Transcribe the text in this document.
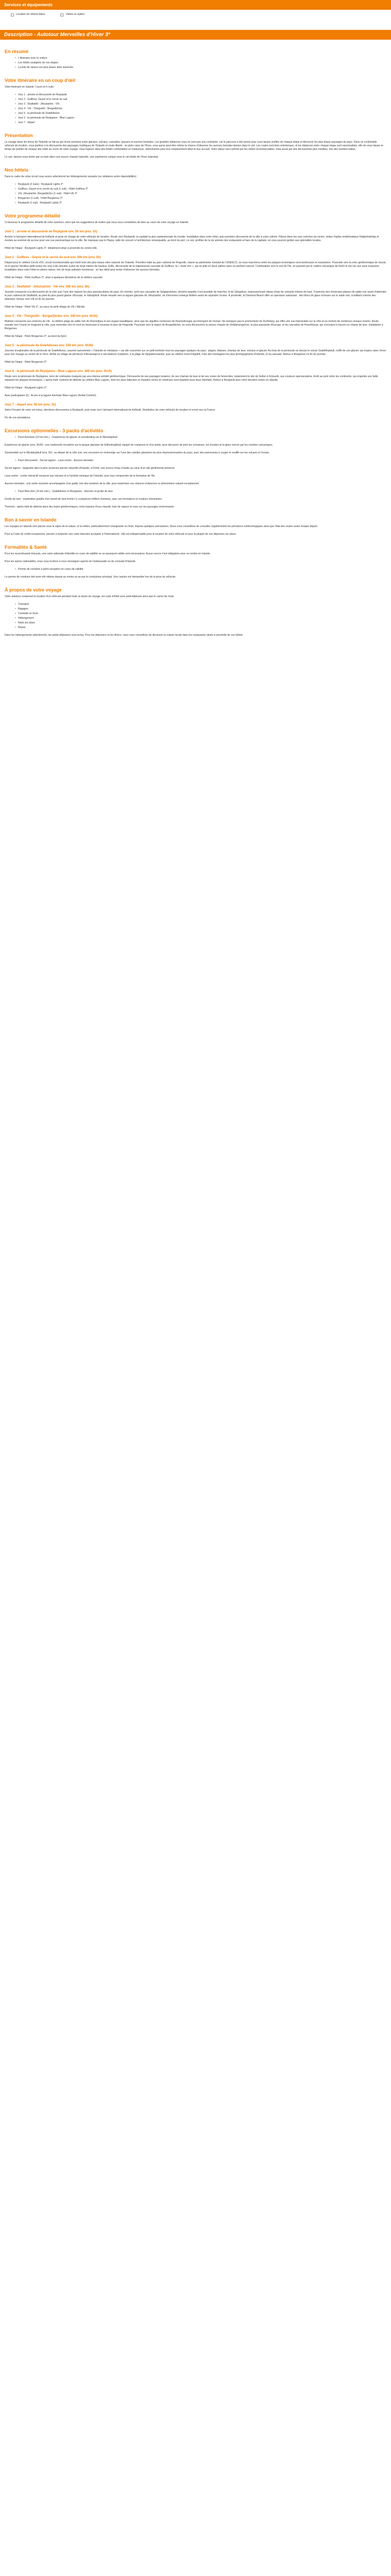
Services et équipements
Location de vélos/e-bikes	Visites en option
Description - Autotour Merveilles d'Hiver 3*
En résumé
• L'itinéraire avec le voiture
• Les hôtels soulignés de vos étapes
• La liste de saison vos plus beaux sites traversés
Votre itinéraire en un coup d'œil

Votre itinéraire en Islande 7 jours et 6 nuits :

• Jour 1 : arrivée et découverte de Reykjavik
• Jour 2 : Gullfoss, Geysir et le cercle du sud
• Jour 3 : Skaftafell - Jökulsárlón - Vík
• Jour 4 : Vík - Thingvellir - Borgarfjörður
• Jour 5 : la péninsule de Snæfellsnes
• Jour 6 : la péninsule de Reykjanes - Blue Lagoon
• Jour 7 : départ
Présentation

Le voyage dans les terres de l'Islande se fait au gré d'une aventure entre glaciers, volcans, cascades, geysers et aurores boréales. Les grandes distances vous ne sont pas une contrainte, car le parcours a été pensé pour vous laisser profiter de chaque étape et découvrir les plus beaux paysages du pays. Dans un confortable véhicule de location, vous partirez à la découverte des paysages mythiques de l'Islande en toute liberté : en plein cœur de l'hiver, vous aurez peut-être même la chance d'observer les aurores boréales danser dans le ciel. Les routes sont bien entretenues, et les distances entre chaque étape sont raisonnables, afin de vous laisser le temps de profiter de chaque site visité au cours de votre voyage. Vous logerez dans des hôtels confortables et chaleureux, sélectionnés pour leur emplacement idéal et leur accueil. Votre séjour sera rythmé par les visites incontournables, mais aussi par des découvertes plus insolites, loin des sentiers battus.

Le soir, laissez-vous tenter par un bain dans une source chaude naturelle, une expérience unique sous le ciel étoilé de l'hiver islandais.

Nos hôtels

Dans le cadre de votre circuit nous avons sélectionné les hébergements suivants (ou similaires selon disponibilités) :

• Reykjavik (2 nuits) : Reykjavik Lights 3*
• Gullfoss, Geysir et le cercle du sud (1 nuit) : Hótel Gullfoss 3*
• Vík, Jökulsárlón, Borgarfjörður (1 nuit) : Hótel Vík 3*
• Borgarnes (1 nuit) : Hótel Borgarnes 3*
• Reykjavik (1 nuit) : Reykjavik Lights 3*
Votre programme détaillé

Ci-dessous le programme détaillé de votre aventure, ainsi que les suggestions de visites que nous vous conseillons de faire au cours de votre voyage en Islande.

Jour 1 : arrivée et découverte de Reykjavik env. 50 km (env. 1h)

Arrivée à l'aéroport international de Keflavik et prise en charge de votre véhicule de location. Route vers Reykjavik, la capitale la plus septentrionale du monde. Installation dans votre hôtel, puis première découverte de la ville à votre rythme. Flânez dans les rues colorées du centre, visitez l'église emblématique Hallgrímskirkja et montez au sommet de sa tour pour une vue panoramique sur la ville. Ne manquez pas le Harpa, salle de concert à l'architecture remarquable, au bord du port. Le soir, profitez de la vie animée des restaurants et bars de la capitale, où vous pourrez goûter aux spécialités locales.

Hôtel de l'étape : Reykjavik Lights 3*, idéalement situé à proximité du centre-ville.

Jour 2 : Gullfoss - Geysir et le cercle du sud env. 300 km (env. 5h)

Départ pour le célèbre Cercle d'Or, circuit incontournable qui réunit trois des plus beaux sites naturels de l'Islande. Première halte au parc national de Þingvellir, classé au patrimoine mondial de l'UNESCO, où vous marcherez entre les plaques tectoniques nord-américaine et eurasienne. Poursuite vers la zone géothermique de Geysir, où le geyser Strokkur jaillit toutes les cinq à dix minutes à plus de vingt mètres de hauteur. Enfin, découverte de la majestueuse cascade de Gullfoss, la « chute d'or », qui se jette en deux paliers dans un profond canyon. Continuation vers le sud de l'île, en passant par le cratère volcanique de Kerið et son lac aux eaux turquoise. Installation dans votre hôtel en pleine nature, loin de toute pollution lumineuse : un lieu idéal pour tenter d'observer les aurores boréales.

Hôtel de l'étape : Hótel Gullfoss 3*, situé à quelques kilomètres de la célèbre cascade.

Jour 3 : Skaftafell - Jökulsárlón - Vík env. 395 km (env. 6h)

Journée consacrée à la découverte de la côte sud, l'une des régions les plus spectaculaires du pays. En chemin, arrêt aux cascades de Seljalandsfoss, derrière laquelle il est possible de marcher, et de Skógafoss, impressionnant rideau d'eau de soixante mètres de haut. Traversée des immenses plaines de sable noir avant d'atteindre le parc national de Skaftafell, au pied du plus grand glacier d'Europe, le Vatnajökull. Route ensuite vers la lagune glaciaire de Jökulsárlón, où d'énormes icebergs flottent avant de rejoindre l'océan. À proximité, la Diamond Beach offre un spectacle saisissant : des blocs de glace échoués sur le sable noir, scintillant comme des diamants. Retour vers Vík en fin de journée.

Hôtel de l'étape : Hótel Vík 3*, au cœur du petit village de Vík í Mýrdal.

Jour 4 : Vík - Thingvellir - Borgarfjörður env. 340 km (env. 5h30)

Matinée consacrée aux environs de Vík : la célèbre plage de sable noir de Reynisfjara et ses orgues basaltiques, ainsi que les aiguilles rocheuses de Reynisdrangar qui émergent de l'océan. Ne manquez pas le promontoire de Dyrhólaey, qui offre une vue imprenable sur la côte et où nichent de nombreux oiseaux marins. Route ensuite vers l'ouest en longeant la côte, puis remontée vers le nord en traversant à nouveau le parc de Þingvellir. Poursuite vers la région de Borgarfjörður, où vous découvrirez la source chaude de Deildartunguhver, la plus puissante d'Europe, et les cascades de Hraunfossar, qui s'écoulent à travers un champ de lave. Installation à Borgarnes.

Hôtel de l'étape : Hótel Borgarnes 3*, au bord du fjord.

Jour 5 : la péninsule de Snæfellsnes env. 330 km (env. 5h30)

Journée d'exploration de la péninsule de Snæfellsnes, souvent surnommée « l'Islande en miniature » car elle concentre sur un petit territoire tous les paysages typiques du pays : plages, falaises, champs de lave, volcans et glacier. Au bout de la péninsule se dresse le volcan Snæfellsjökull, coiffé de son glacier, qui inspira Jules Verne pour son Voyage au centre de la Terre. Arrêts au village de pêcheurs d'Arnarstapi et à ses falaises sculptées, à la plage de Djúpalónssandur, puis au célèbre mont Kirkjufell, l'une des montagnes les plus photographiées d'Islande, et sa cascade. Retour à Borgarnes en fin de journée.

Hôtel de l'étape : Hótel Borgarnes 3*.

Jour 6 : la péninsule de Reykjanes - Blue Lagoon env. 189 km (env. 3h15)

Route vers la péninsule de Reykjanes, terre de contrastes marquée par une intense activité géothermique. Découverte de ses paysages lunaires, de ses champs de lave et de ses zones de fumerolles, notamment le site de Seltún à Krýsuvík, aux couleurs spectaculaires. Arrêt au pont entre les continents, qui enjambe une faille séparant les plaques tectoniques. L'après-midi, moment de détente au célèbre Blue Lagoon, dont les eaux laiteuses et chaudes riches en minéraux sont réputées pour leurs bienfaits. Retour à Reykjavik pour votre dernière soirée en Islande.

Hôtel de l'étape : Reykjavik Lights 3*.

Avec participation (€) : Accès à la lagune thermale Blue Lagoon (forfait Comfort).

Jour 7 : départ env. 50 km (env. 1h)

Selon l'horaire de votre vol retour, dernières découvertes à Reykjavik, puis route vers l'aéroport international de Keflavik. Restitution de votre véhicule de location et envol vers la France.

Fin de nos prestations.

Excursions optionnelles - 3 packs d'activités
• Pack Aventure (10 km min.) : l'expérience du glacier et snowboding sur le Mýrdalsjökull

Expérience du glacier (env. 2h30) : une randonnée encadrée sur la langue glaciaire de Sólheimajökull, équipé de crampons et d'un piolet, pour découvrir de près les crevasses, les moulins et la glace noircie par les cendres volcaniques.

Snowmobile sur le Mýrdalsjökull (env. 3h) : au départ de la côte sud, une excursion en motoneige sur l'une des calottes glaciaires les plus impressionnantes du pays, avec des panoramas à couper le souffle sur les volcans et l'océan.

• Pack Découverte : Secret lagoon - Lava centre - Aurores boréales

Secret lagoon : baignade dans la plus ancienne piscine naturelle d'Islande, à Flúðir, une source d'eau chaude au cœur d'un site géothermal préservé.

Lava centre : centre interactif consacré aux volcans et à l'activité sismique de l'Islande, pour tout comprendre de la formation de l'île.

Aurores boréales : une sortie nocturne accompagnée d'un guide, loin des lumières de la ville, pour maximiser vos chances d'observer ce phénomène naturel exceptionnel.

• Pack Bien-être (10 km min.) : Snæfellsnes et Reykjanes - thermes et grotte de lave

Grotte de lave : exploration guidée d'un tunnel de lave formé il y a plusieurs milliers d'années, avec ses formations et couleurs étonnantes.

Thermes : après-midi de détente dans des bains géothermiques, entre bassins d'eau chaude, bain de vapeur et vues sur les paysages environnants.

Bon à savoir en Islande

Les voyages en Islande sont placés sous le signe de la nature, et la météo, particulièrement changeante en hiver, impose quelques précautions. Nous vous conseillons de consulter régulièrement les prévisions météorologiques ainsi que l'état des routes avant chaque départ.

Pour la Carte de crédit européenne, pensez à emporter une carte bancaire acceptée à l'international : elle est indispensable pour la location de votre véhicule et pour la plupart de vos dépenses sur place.

Formalités & Santé

Pour les ressortissants français, une carte nationale d'identité en cours de validité ou un passeport valide sont nécessaires. Aucun vaccin n'est obligatoire pour se rendre en Islande.

Pour les autres nationalités, nous vous invitons à vous renseigner auprès de l'ambassade ou du consulat d'Islande.

• Permis de conduire à point européen en cours de validité

Le permis de conduire doit avoir été obtenu depuis au moins un an par le conducteur principal. Une caution est demandée lors de la prise du véhicule.

À propos de votre voyage

Votre autotour comprend la location d'un véhicule pendant toute la durée du voyage, les nuits d'hôtel avec petit-déjeuner ainsi que le carnet de route.

• Transport
• Bagages
• Conduite en hiver
• Hébergement
• Nuits sur place
• Repas

Dans les hébergements sélectionnés, les petits-déjeuners sont inclus. Pour les déjeuners et les dîners, nous vous conseillons de découvrir la cuisine locale dans les restaurants situés à proximité de vos hôtels.
